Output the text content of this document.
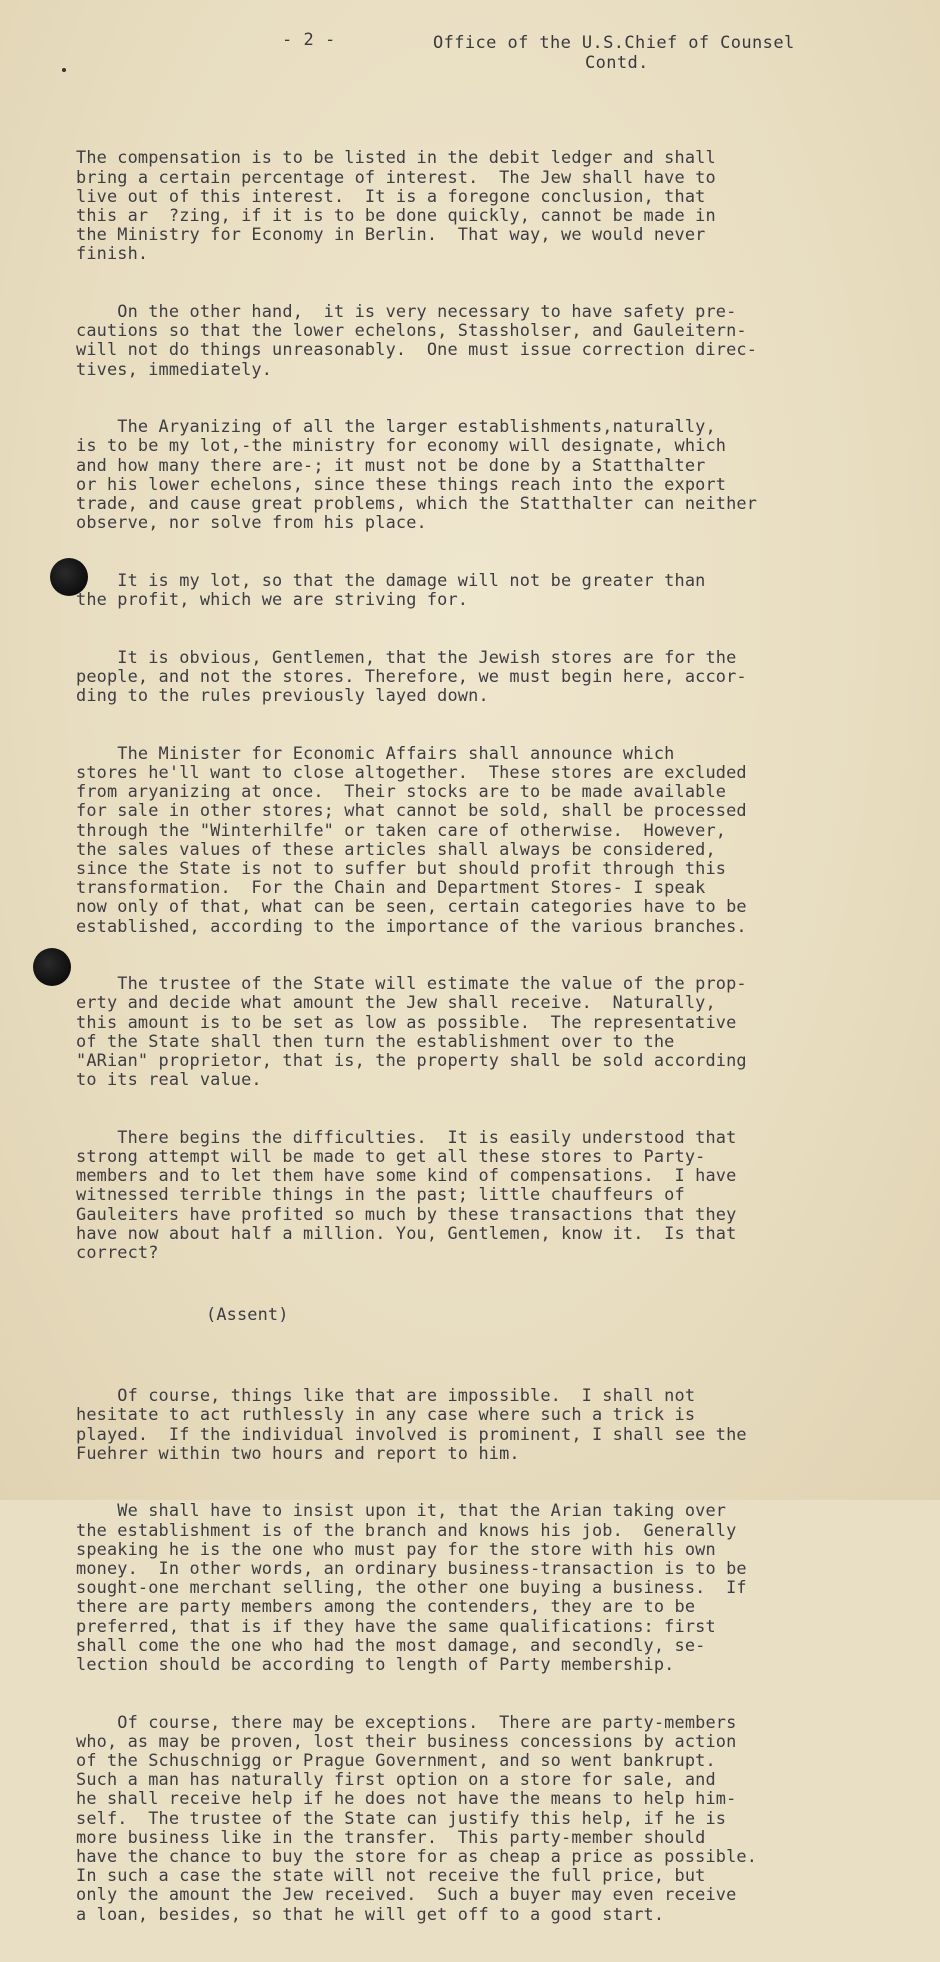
- 2 -	Office of the U.S.Chief of Counsel
Contd.

The compensation is to be listed in the debit ledger and shall
bring a certain percentage of interest.  The Jew shall have to
live out of this interest.  It is a foregone conclusion, that
this ar  ?zing, if it is to be done quickly, cannot be made in
the Ministry for Economy in Berlin.  That way, we would never
finish.

On the other hand,  it is very necessary to have safety pre-
cautions so that the lower echelons, Stassholser, and Gauleitern-
will not do things unreasonably.  One must issue correction direc-
tives, immediately.

The Aryanizing of all the larger establishments,naturally,
is to be my lot,-the ministry for economy will designate, which
and how many there are-; it must not be done by a Statthalter
or his lower echelons, since these things reach into the export
trade, and cause great problems, which the Statthalter can neither
observe, nor solve from his place.

It is my lot, so that the damage will not be greater than
the profit, which we are striving for.

It is obvious, Gentlemen, that the Jewish stores are for the
people, and not the stores. Therefore, we must begin here, accor-
ding to the rules previously layed down.

The Minister for Economic Affairs shall announce which
stores he'll want to close altogether.  These stores are excluded
from aryanizing at once.  Their stocks are to be made available
for sale in other stores; what cannot be sold, shall be processed
through the "Winterhilfe" or taken care of otherwise.  However,
the sales values of these articles shall always be considered,
since the State is not to suffer but should profit through this
transformation.  For the Chain and Department Stores- I speak
now only of that, what can be seen, certain categories have to be
established, according to the importance of the various branches.

The trustee of the State will estimate the value of the prop-
erty and decide what amount the Jew shall receive.  Naturally,
this amount is to be set as low as possible.  The representative
of the State shall then turn the establishment over to the
"ARian" proprietor, that is, the property shall be sold according
to its real value.

There begins the difficulties.  It is easily understood that
strong attempt will be made to get all these stores to Party-
members and to let them have some kind of compensations.  I have
witnessed terrible things in the past; little chauffeurs of
Gauleiters have profited so much by these transactions that they
have now about half a million. You, Gentlemen, know it.  Is that
correct?

(Assent)

Of course, things like that are impossible.  I shall not
hesitate to act ruthlessly in any case where such a trick is
played.  If the individual involved is prominent, I shall see the
Fuehrer within two hours and report to him.

We shall have to insist upon it, that the Arian taking over
the establishment is of the branch and knows his job.  Generally
speaking he is the one who must pay for the store with his own
money.  In other words, an ordinary business-transaction is to be
sought-one merchant selling, the other one buying a business.  If
there are party members among the contenders, they are to be
preferred, that is if they have the same qualifications: first
shall come the one who had the most damage, and secondly, se-
lection should be according to length of Party membership.

Of course, there may be exceptions.  There are party-members
who, as may be proven, lost their business concessions by action
of the Schuschnigg or Prague Government, and so went bankrupt.
Such a man has naturally first option on a store for sale, and
he shall receive help if he does not have the means to help him-
self.  The trustee of the State can justify this help, if he is
more business like in the transfer.  This party-member should
have the chance to buy the store for as cheap a price as possible.
In such a case the state will not receive the full price, but
only the amount the Jew received.  Such a buyer may even receive
a loan, besides, so that he will get off to a good start.
